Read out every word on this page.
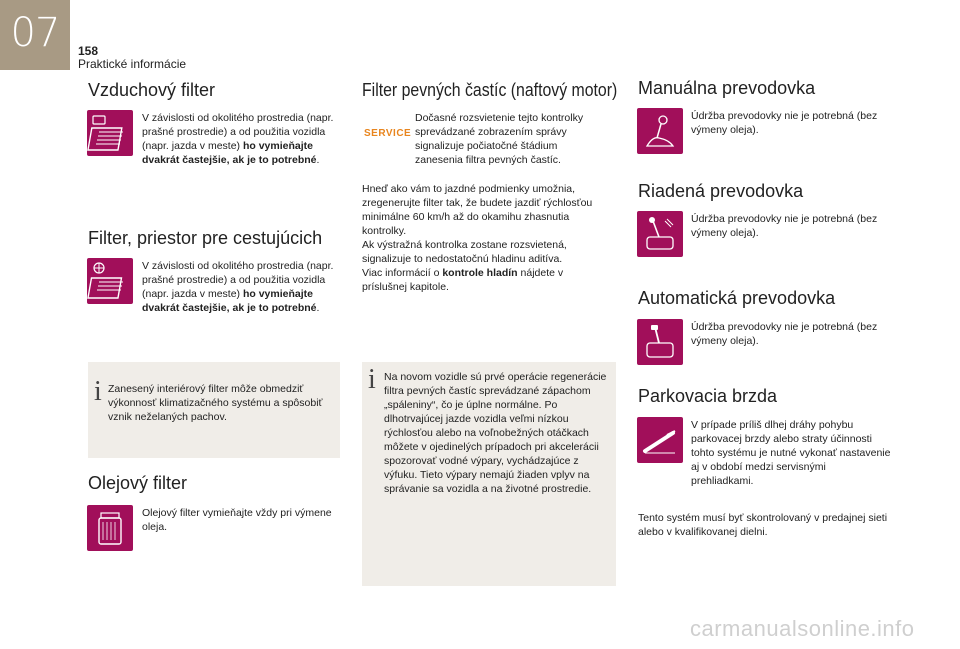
07	158
Praktické informácie
Vzduchový filter
V závislosti od okolitého prostredia (napr. prašné prostredie) a od použitia vozidla (napr. jazda v meste) ho vymieňajte dvakrát častejšie, ak je to potrebné.
Filter, priestor pre cestujúcich
V závislosti od okolitého prostredia (napr. prašné prostredie) a od použitia vozidla (napr. jazda v meste) ho vymieňajte dvakrát častejšie, ak je to potrebné.
i Zanesený interiérový filter môže obmedziť výkonnosť klimatizačného systému a spôsobiť vznik neželaných pachov.
Olejový filter
Olejový filter vymieňajte vždy pri výmene oleja.
Filter pevných častíc (naftový motor)
SERVICE
Dočasné rozsvietenie tejto kontrolky sprevádzané zobrazením správy signalizuje počiatočné štádium zanesenia filtra pevných častíc.
Hneď ako vám to jazdné podmienky umožnia, zregenerujte filter tak, že budete jazdiť rýchlosťou minimálne 60 km/h až do okamihu zhasnutia kontrolky.
Ak výstražná kontrolka zostane rozsvietená, signalizuje to nedostatočnú hladinu aditíva.
Viac informácií o kontrole hladín nájdete v príslušnej kapitole.
i Na novom vozidle sú prvé operácie regenerácie filtra pevných častíc sprevádzané zápachom „spáleniny“, čo je úplne normálne. Po dlhotrvajúcej jazde vozidla veľmi nízkou rýchlosťou alebo na voľnobežných otáčkach môžete v ojedinelých prípadoch pri akcelerácii spozorovať vodné výpary, vychádzajúce z výfuku. Tieto výpary nemajú žiaden vplyv na správanie sa vozidla a na životné prostredie.
Manuálna prevodovka
Údržba prevodovky nie je potrebná (bez výmeny oleja).
Riadená prevodovka
Údržba prevodovky nie je potrebná (bez výmeny oleja).
Automatická prevodovka
Údržba prevodovky nie je potrebná (bez výmeny oleja).
Parkovacia brzda
V prípade príliš dlhej dráhy pohybu parkovacej brzdy alebo straty účinnosti tohto systému je nutné vykonať nastavenie aj v období medzi servisnými prehliadkami.
Tento systém musí byť skontrolovaný v predajnej sieti alebo v kvalifikovanej dielni.
carmanualsonline.info
